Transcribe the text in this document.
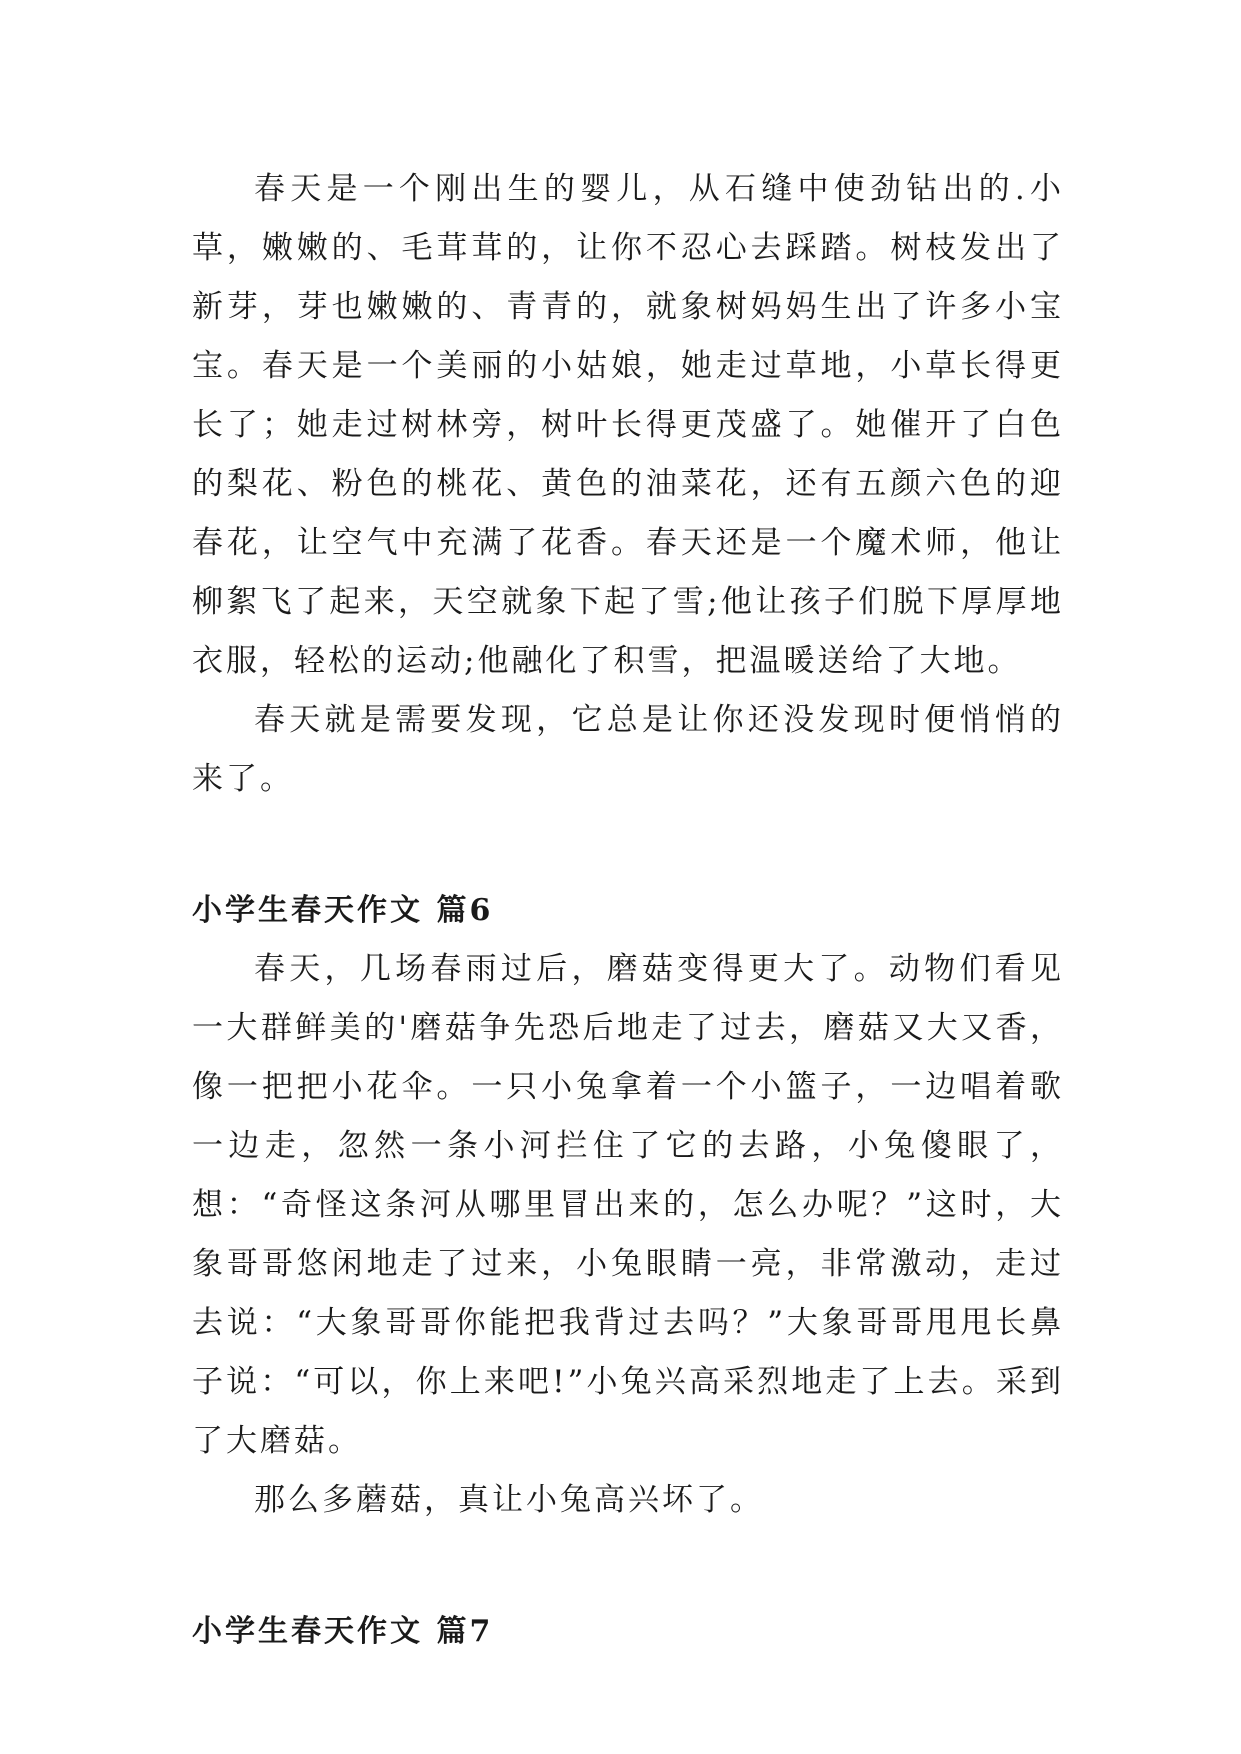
春天是一个刚出生的婴儿，从石缝中使劲钻出的.小草，嫩嫩的、毛茸茸的，让你不忍心去踩踏。树枝发出了新芽，芽也嫩嫩的、青青的，就象树妈妈生出了许多小宝宝。春天是一个美丽的小姑娘，她走过草地，小草长得更长了；她走过树林旁，树叶长得更茂盛了。她催开了白色的梨花、粉色的桃花、黄色的油菜花，还有五颜六色的迎春花，让空气中充满了花香。春天还是一个魔术师，他让柳絮飞了起来，天空就象下起了雪;他让孩子们脱下厚厚地衣服，轻松的运动;他融化了积雪，把温暖送给了大地。

春天就是需要发现，它总是让你还没发现时便悄悄的来了。

小学生春天作文 篇6

春天，几场春雨过后，磨菇变得更大了。动物们看见一大群鲜美的'磨菇争先恐后地走了过去，磨菇又大又香，像一把把小花伞。一只小兔拿着一个小篮子，一边唱着歌一边走，忽然一条小河拦住了它的去路，小兔傻眼了，想：“奇怪这条河从哪里冒出来的，怎么办呢？”这时，大象哥哥悠闲地走了过来，小兔眼睛一亮，非常激动，走过去说：“大象哥哥你能把我背过去吗？”大象哥哥甩甩长鼻子说：“可以，你上来吧!”小兔兴高采烈地走了上去。采到了大磨菇。

那么多蘑菇，真让小兔高兴坏了。

小学生春天作文 篇7
